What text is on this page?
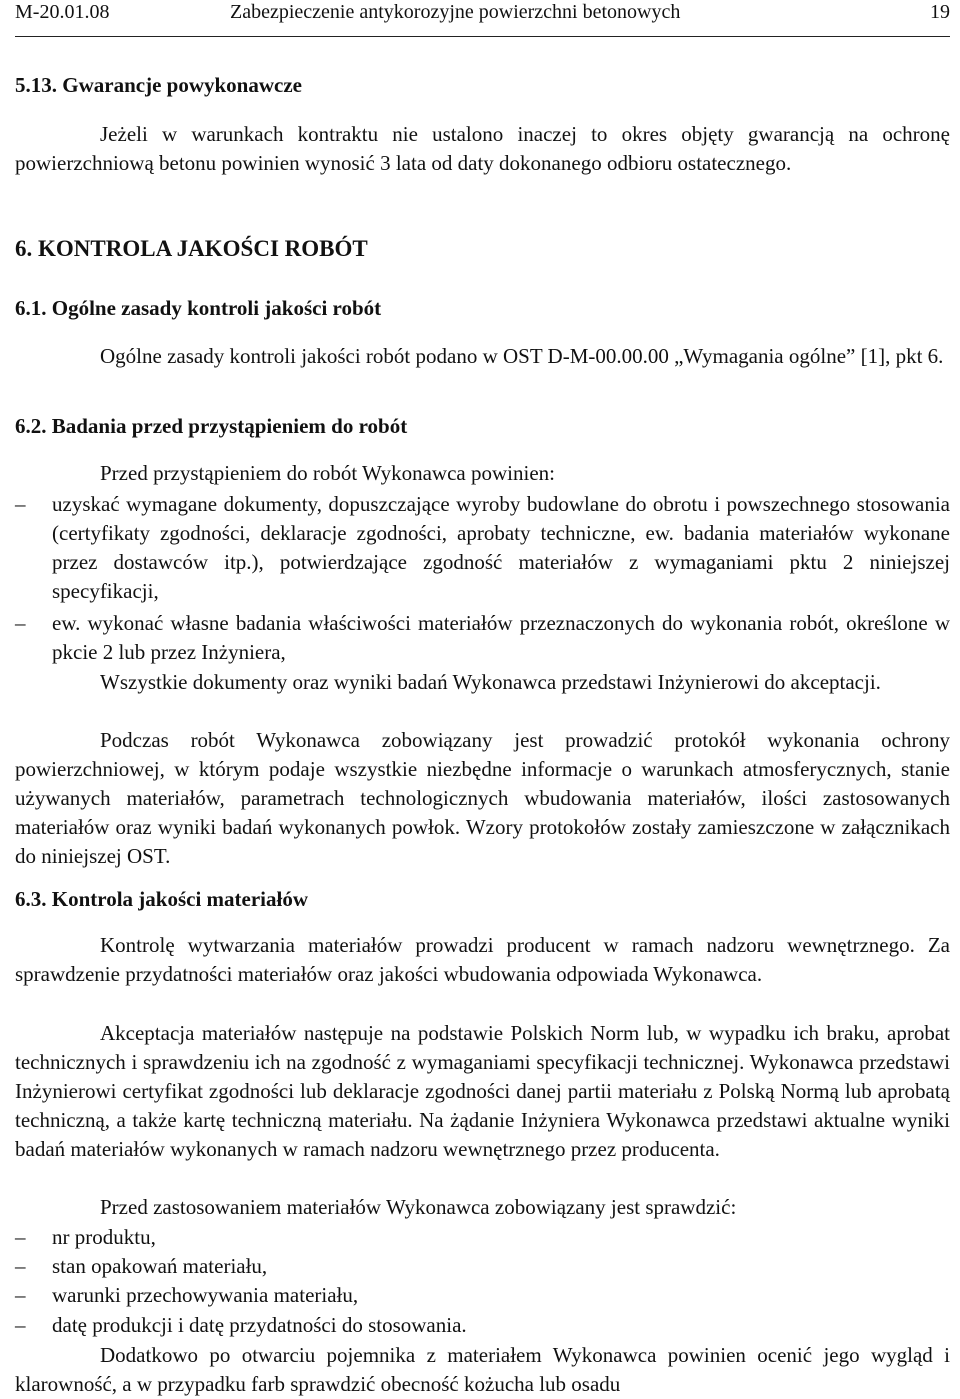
M-20.01.08	Zabezpieczenie antykorozyjne powierzchni betonowych	19
5.13. Gwarancje powykonawcze

Jeżeli w warunkach kontraktu nie ustalono inaczej to okres objęty gwarancją na ochronę powierzchniową betonu powinien wynosić 3 lata od daty dokonanego odbioru ostatecznego.

6. KONTROLA JAKOŚCI ROBÓT
6.1. Ogólne zasady kontroli jakości robót

Ogólne zasady kontroli jakości robót podano w OST D-M-00.00.00 „Wymagania ogólne” [1], pkt 6.

6.2. Badania przed przystąpieniem do robót

Przed przystąpieniem do robót Wykonawca powinien:

–	uzyskać wymagane dokumenty, dopuszczające wyroby budowlane do obrotu i powszechnego stosowania (certyfikaty zgodności, deklaracje zgodności, aprobaty techniczne, ew. badania materiałów wykonane przez dostawców itp.), potwierdzające zgodność materiałów z wymaganiami pktu 2 niniejszej specyfikacji,
–	ew. wykonać własne badania właściwości materiałów przeznaczonych do wykonania robót, określone w pkcie 2 lub przez Inżyniera,

Wszystkie dokumenty oraz wyniki badań Wykonawca przedstawi Inżynierowi do akceptacji.

Podczas robót Wykonawca zobowiązany jest prowadzić protokół wykonania ochrony powierzchniowej, w którym podaje wszystkie niezbędne informacje o warunkach atmosferycznych, stanie używanych materiałów, parametrach technologicznych wbudowania materiałów, ilości zastosowanych materiałów oraz wyniki badań wykonanych powłok. Wzory protokołów zostały zamieszczone w załącznikach do niniejszej OST.

6.3. Kontrola jakości materiałów

Kontrolę wytwarzania materiałów prowadzi producent w ramach nadzoru wewnętrznego. Za sprawdzenie przydatności materiałów oraz jakości wbudowania odpowiada Wykonawca.

Akceptacja materiałów następuje na podstawie Polskich Norm lub, w wypadku ich braku, aprobat technicznych i sprawdzeniu ich na zgodność z wymaganiami specyfikacji technicznej. Wykonawca przedstawi Inżynierowi certyfikat zgodności lub deklaracje zgodności danej partii materiału z Polską Normą lub aprobatą techniczną, a także kartę techniczną materiału. Na żądanie Inżyniera Wykonawca przedstawi aktualne wyniki badań materiałów wykonanych w ramach nadzoru wewnętrznego przez producenta.

Przed zastosowaniem materiałów Wykonawca zobowiązany jest sprawdzić:

–	nr produktu,
–	stan opakowań materiału,
–	warunki przechowywania materiału,
–	datę produkcji i datę przydatności do stosowania.

Dodatkowo po otwarciu pojemnika z materiałem Wykonawca powinien ocenić jego wygląd i klarowność, a w przypadku farb sprawdzić obecność kożucha lub osadu
